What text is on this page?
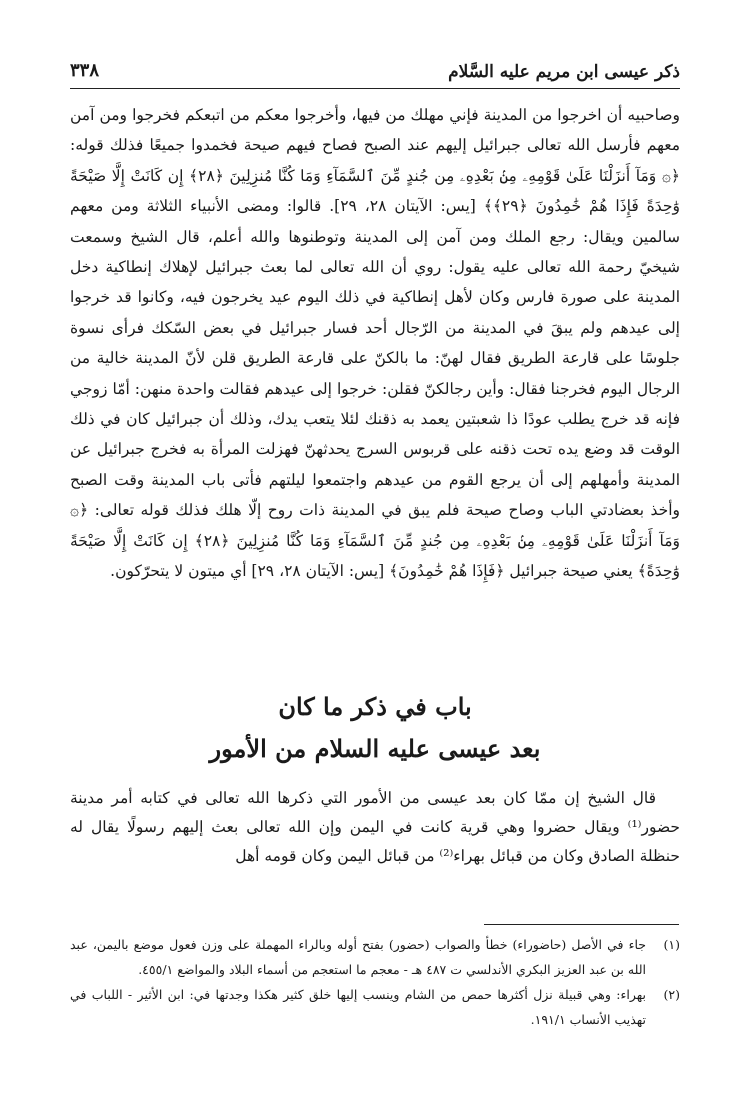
ذكر عيسى ابن مريم عليه السَّلام
٣٣٨

وصاحبيه أن اخرجوا من المدينة فإني مهلك من فيها، وأخرجوا معكم من اتبعكم فخرجوا ومن آمن معهم فأرسل الله تعالى جبرائيل إليهم عند الصبح فصاح فيهم صيحة فخمدوا جميعًا فذلك قوله: ﴿۞ وَمَآ أَنزَلْنَا عَلَىٰ قَوْمِهِۦ مِنۢ بَعْدِهِۦ مِن جُندٍ مِّنَ ٱلسَّمَآءِ وَمَا كُنَّا مُنزِلِينَ ﴿٢٨﴾ إِن كَانَتْ إِلَّا صَيْحَةً وَٰحِدَةً فَإِذَا هُمْ خَٰمِدُونَ ﴿٢٩﴾﴾ [يس: الآيتان ٢٨، ٢٩]. قالوا: ومضى الأنبياء الثلاثة ومن معهم سالمين ويقال: رجع الملك ومن آمن إلى المدينة وتوطنوها والله أعلم، قال الشيخ وسمعت شيخيّ رحمة الله تعالى عليه يقول: روي أن الله تعالى لما بعث جبرائيل لإهلاك إنطاكية دخل المدينة على صورة فارس وكان لأهل إنطاكية في ذلك اليوم عيد يخرجون فيه، وكانوا قد خرجوا إلى عيدهم ولم يبقَ في المدينة من الرّجال أحد فسار جبرائيل في بعض السّكك فرأى نسوة جلوسًا على قارعة الطريق فقال لهنّ: ما بالكنّ على قارعة الطريق قلن لأنّ المدينة خالية من الرجال اليوم فخرجنا فقال: وأين رجالكنّ فقلن: خرجوا إلى عيدهم فقالت واحدة منهن: أمّا زوجي فإنه قد خرج يطلب عودًا ذا شعبتين يعمد به ذقنك لئلا يتعب يدك، وذلك أن جبرائيل كان في ذلك الوقت قد وضع يده تحت ذقنه على قربوس السرج يحدثهنّ فهزلت المرأة به فخرج جبرائيل عن المدينة وأمهلهم إلى أن يرجع القوم من عيدهم واجتمعوا ليلتهم فأتى باب المدينة وقت الصبح وأخذ بعضادتي الباب وصاح صيحة فلم يبق في المدينة ذات روح إلّا هلك فذلك قوله تعالى: ﴿۞ وَمَآ أَنزَلْنَا عَلَىٰ قَوْمِهِۦ مِنۢ بَعْدِهِۦ مِن جُندٍ مِّنَ ٱلسَّمَآءِ وَمَا كُنَّا مُنزِلِينَ ﴿٢٨﴾ إِن كَانَتْ إِلَّا صَيْحَةً وَٰحِدَةً﴾ يعني صيحة جبرائيل ﴿فَإِذَا هُمْ خَٰمِدُونَ﴾ [يس: الآيتان ٢٨، ٢٩] أي ميتون لا يتحرّكون.

باب في ذكر ما كان
بعد عيسى عليه السلام من الأمور

قال الشيخ إن ممّا كان بعد عيسى من الأمور التي ذكرها الله تعالى في كتابه أمر مدينة حضور⁽¹⁾ ويقال حضروا وهي قرية كانت في اليمن وإن الله تعالى بعث إليهم رسولًا يقال له حنظلة الصادق وكان من قبائل بهراء⁽²⁾ من قبائل اليمن وكان قومه أهل

(١)
جاء في الأصل (حاضوراء) خطأ والصواب (حضور) بفتح أوله وبالراء المهملة على وزن فعول موضع باليمن، عبد الله بن عبد العزيز البكري الأندلسي ت ٤٨٧ هـ - معجم ما استعجم من أسماء البلاد والمواضع ٤٥٥/١.
(٢)
بهراء: وهي قبيلة نزل أكثرها حمص من الشام وينسب إليها خلق كثير هكذا وجدتها في: ابن الأثير - اللباب في تهذيب الأنساب ١٩١/١.
